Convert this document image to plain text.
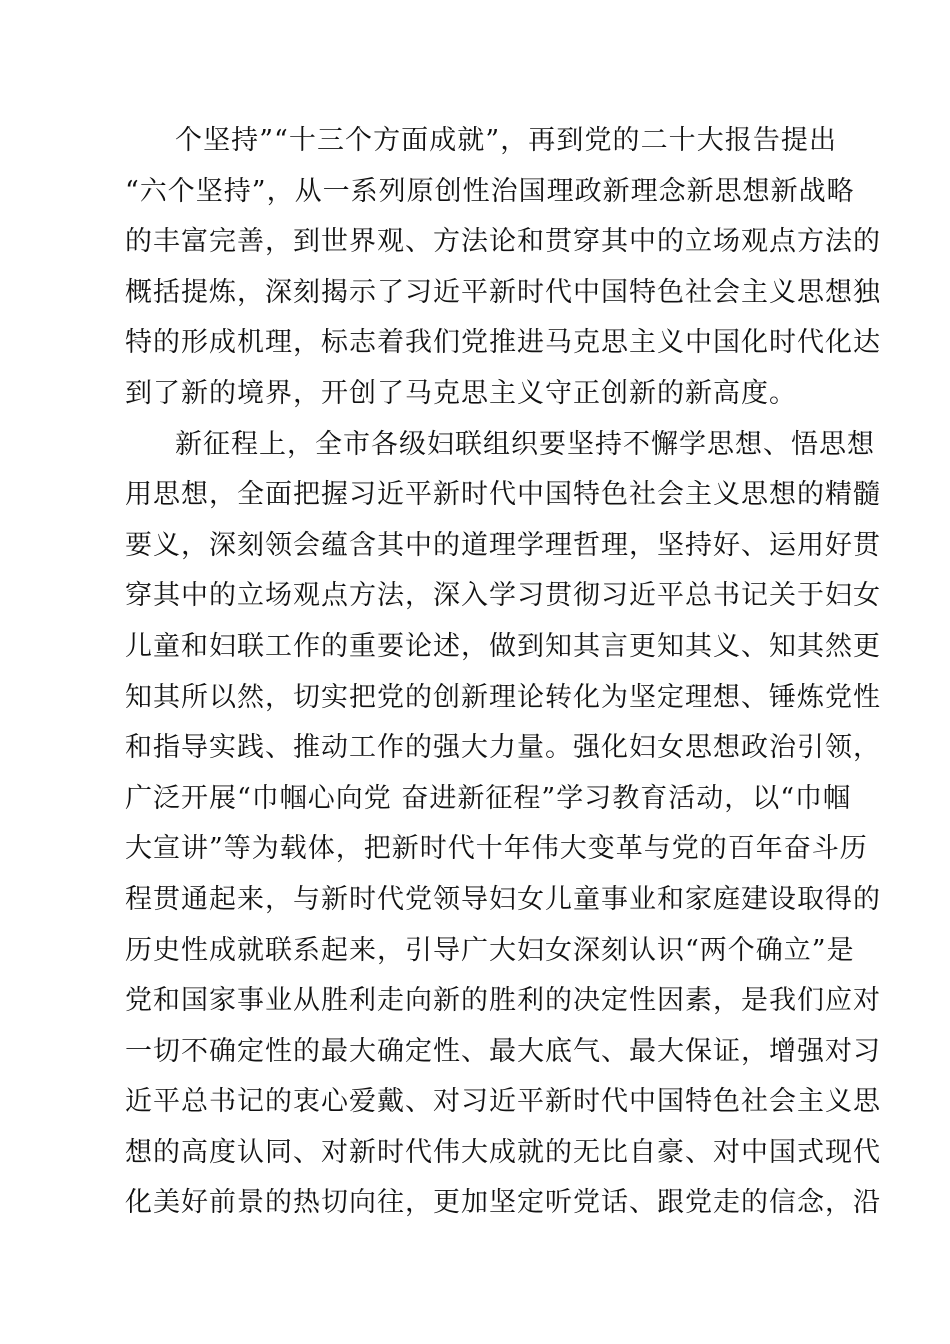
个坚持”“十三个方面成就”，再到党的二十大报告提出
“六个坚持”，从一系列原创性治国理政新理念新思想新战略
的丰富完善，到世界观、方法论和贯穿其中的立场观点方法的
概括提炼，深刻揭示了习近平新时代中国特色社会主义思想独
特的形成机理，标志着我们党推进马克思主义中国化时代化达
到了新的境界，开创了马克思主义守正创新的新高度。
新征程上，全市各级妇联组织要坚持不懈学思想、悟思想
用思想，全面把握习近平新时代中国特色社会主义思想的精髓
要义，深刻领会蕴含其中的道理学理哲理，坚持好、运用好贯
穿其中的立场观点方法，深入学习贯彻习近平总书记关于妇女
儿童和妇联工作的重要论述，做到知其言更知其义、知其然更
知其所以然，切实把党的创新理论转化为坚定理想、锤炼党性
和指导实践、推动工作的强大力量。强化妇女思想政治引领，
广泛开展“巾帼心向党 奋进新征程”学习教育活动，以“巾帼
大宣讲”等为载体，把新时代十年伟大变革与党的百年奋斗历
程贯通起来，与新时代党领导妇女儿童事业和家庭建设取得的
历史性成就联系起来，引导广大妇女深刻认识“两个确立”是
党和国家事业从胜利走向新的胜利的决定性因素，是我们应对
一切不确定性的最大确定性、最大底气、最大保证，增强对习
近平总书记的衷心爱戴、对习近平新时代中国特色社会主义思
想的高度认同、对新时代伟大成就的无比自豪、对中国式现代
化美好前景的热切向往，更加坚定听党话、跟党走的信念，沿
